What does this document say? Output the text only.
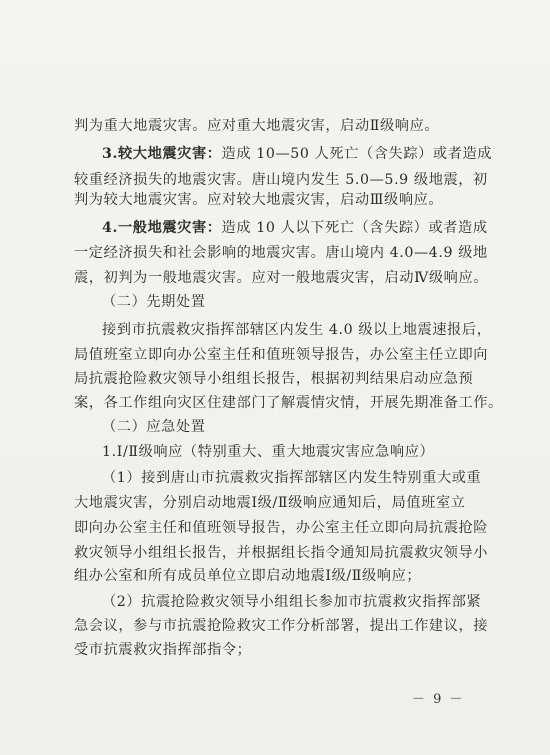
判为重大地震灾害。应对重大地震灾害，启动Ⅱ级响应。
3.较大地震灾害：造成 10—50 人死亡（含失踪）或者造成
较重经济损失的地震灾害。唐山境内发生 5.0—5.9 级地震，初
判为较大地震灾害。应对较大地震灾害，启动Ⅲ级响应。
4.一般地震灾害：造成 10 人以下死亡（含失踪）或者造成
一定经济损失和社会影响的地震灾害。唐山境内 4.0—4.9 级地
震，初判为一般地震灾害。应对一般地震灾害，启动Ⅳ级响应。
（二）先期处置
接到市抗震救灾指挥部辖区内发生 4.0 级以上地震速报后，
局值班室立即向办公室主任和值班领导报告，办公室主任立即向
局抗震抢险救灾领导小组组长报告，根据初判结果启动应急预
案，各工作组向灾区住建部门了解震情灾情，开展先期准备工作。
（二）应急处置
1.Ⅰ/Ⅱ级响应（特别重大、重大地震灾害应急响应）
（1）接到唐山市抗震救灾指挥部辖区内发生特别重大或重
大地震灾害，分别启动地震Ⅰ级/Ⅱ级响应通知后，局值班室立
即向办公室主任和值班领导报告，办公室主任立即向局抗震抢险
救灾领导小组组长报告，并根据组长指令通知局抗震救灾领导小
组办公室和所有成员单位立即启动地震Ⅰ级/Ⅱ级响应；
（2）抗震抢险救灾领导小组组长参加市抗震救灾指挥部紧
急会议，参与市抗震抢险救灾工作分析部署，提出工作建议，接
受市抗震救灾指挥部指令；
－ 9 －
